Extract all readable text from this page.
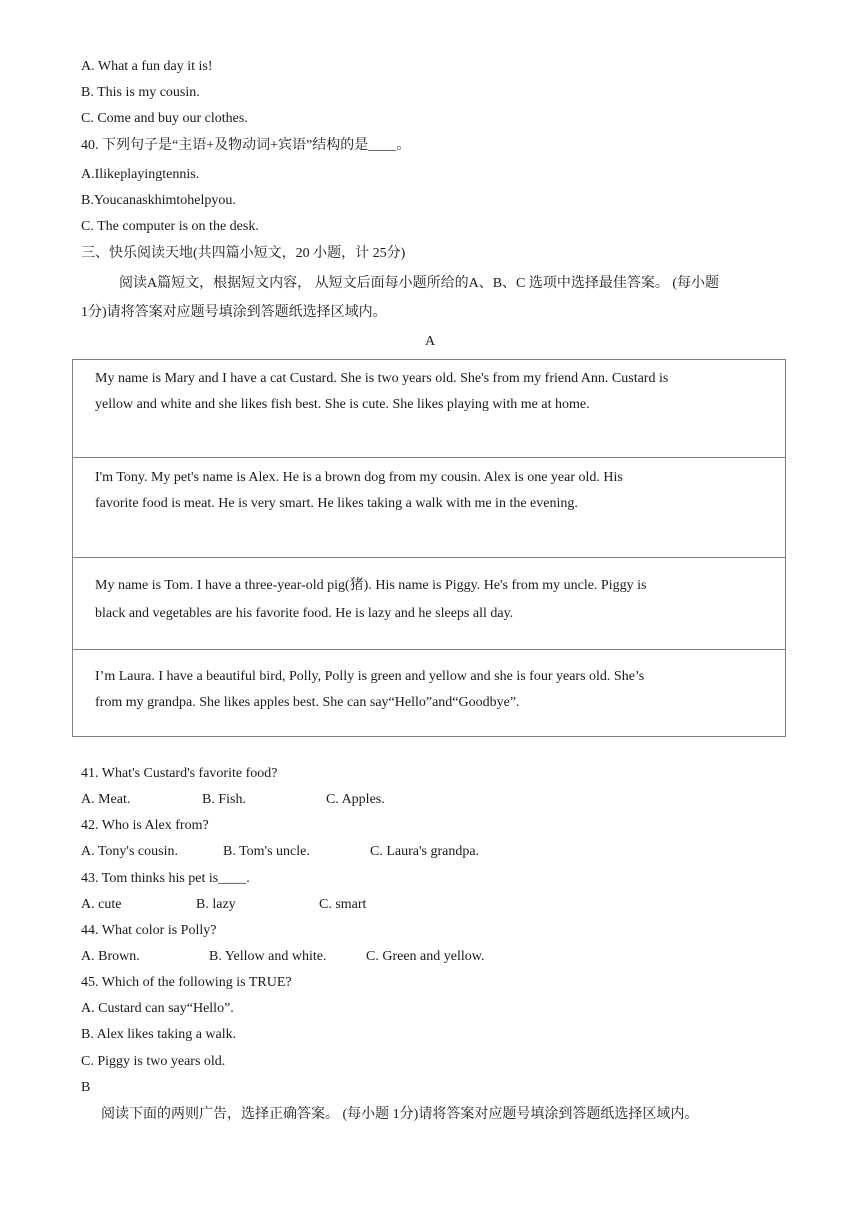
A. What a fun day it is!
B. This is my cousin.
C. Come and buy our clothes.
40. 下列句子是“主语+及物动词+宾语”结构的是____。
A.Ilikeplayingtennis.
B.Youcanaskhimtohelpyou.
C. The computer is on the desk.
三、快乐阅读天地(共四篇小短文，20 小题，计 25分)
阅读A篇短文，根据短文内容， 从短文后面每小题所给的A、B、C 选项中选择最佳答案。 (每小题
1分)请将答案对应题号填涂到答题纸选择区域内。
A
My name is Mary and I have a cat Custard. She is two years old. She's from my friend Ann. Custard is yellow and white and she likes fish best. She is cute. She likes playing with me at home.
I'm Tony. My pet's name is Alex. He is a brown dog from my cousin. Alex is one year old. His favorite food is meat. He is very smart. He likes taking a walk with me in the evening.
My name is Tom. I have a three-year-old pig(猪). His name is Piggy. He's from my uncle. Piggy is black and vegetables are his favorite food. He is lazy and he sleeps all day.
I’m Laura. I have a beautiful bird, Polly, Polly is green and yellow and she is four years old. She’s from my grandpa. She likes apples best. She can say“Hello”and“Goodbye”.
41. What's Custard's favorite food?
A. Meat.	B. Fish.	C. Apples.
42. Who is Alex from?
A. Tony's cousin.	B. Tom's uncle.	C. Laura's grandpa.
43. Tom thinks his pet is____.
A. cute	B. lazy	C. smart
44. What color is Polly?
A. Brown.	B. Yellow and white.	C. Green and yellow.
45. Which of the following is TRUE?
B. Alex likes taking a walk.
A. Custard can say“Hello”.
C. Piggy is two years old.
B
阅读下面的两则广告，选择正确答案。 (每小题 1分)请将答案对应题号填涂到答题纸选择区域内。
